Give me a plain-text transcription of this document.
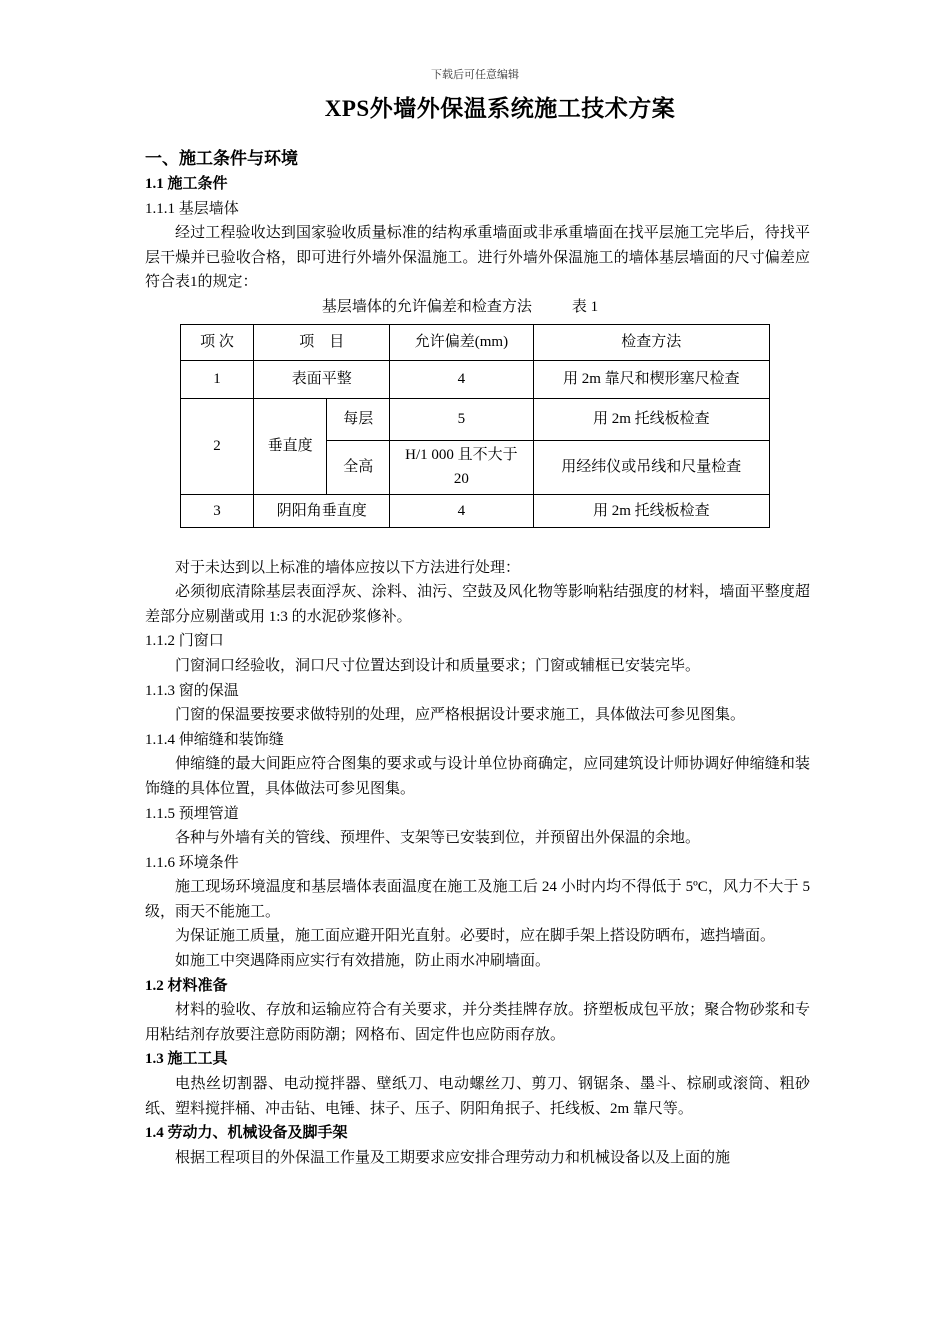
下载后可任意编辑
XPS外墙外保温系统施工技术方案
一、施工条件与环境
1.1 施工条件
1.1.1 基层墙体
经过工程验收达到国家验收质量标准的结构承重墙面或非承重墙面在找平层施工完毕后，待找平层干燥并已验收合格，即可进行外墙外保温施工。进行外墙外保温施工的墙体基层墙面的尺寸偏差应符合表1的规定：
基层墙体的允许偏差和检查方法	表 1
项 次	项　目		允许偏差(mm)	检查方法
1	表面平整		4	用 2m 靠尺和楔形塞尺检查
2	垂直度	每层	5	用 2m 托线板检查
		全高	H/1 000 且不大于 20	用经纬仪或吊线和尺量检查
3	阴阳角垂直度		4	用 2m 托线板检查
对于未达到以上标准的墙体应按以下方法进行处理：
必须彻底清除基层表面浮灰、涂料、油污、空鼓及风化物等影响粘结强度的材料，墙面平整度超差部分应剔凿或用 1:3 的水泥砂浆修补。
1.1.2 门窗口
门窗洞口经验收，洞口尺寸位置达到设计和质量要求；门窗或辅框已安装完毕。
1.1.3 窗的保温
门窗的保温要按要求做特别的处理，应严格根据设计要求施工，具体做法可参见图集。
1.1.4 伸缩缝和装饰缝
伸缩缝的最大间距应符合图集的要求或与设计单位协商确定，应同建筑设计师协调好伸缩缝和装饰缝的具体位置，具体做法可参见图集。
1.1.5 预埋管道
各种与外墙有关的管线、预埋件、支架等已安装到位，并预留出外保温的余地。
1.1.6 环境条件
施工现场环境温度和基层墙体表面温度在施工及施工后 24 小时内均不得低于 5ºC，风力不大于 5 级，雨天不能施工。
为保证施工质量，施工面应避开阳光直射。必要时，应在脚手架上搭设防晒布，遮挡墙面。
如施工中突遇降雨应实行有效措施，防止雨水冲刷墙面。
1.2 材料准备
材料的验收、存放和运输应符合有关要求，并分类挂牌存放。挤塑板成包平放；聚合物砂浆和专用粘结剂存放要注意防雨防潮；网格布、固定件也应防雨存放。
1.3 施工工具
电热丝切割器、电动搅拌器、壁纸刀、电动螺丝刀、剪刀、钢锯条、墨斗、棕刷或滚筒、粗砂纸、塑料搅拌桶、冲击钻、电锤、抹子、压子、阴阳角抿子、托线板、2m 靠尺等。
1.4 劳动力、机械设备及脚手架
根据工程项目的外保温工作量及工期要求应安排合理劳动力和机械设备以及上面的施
